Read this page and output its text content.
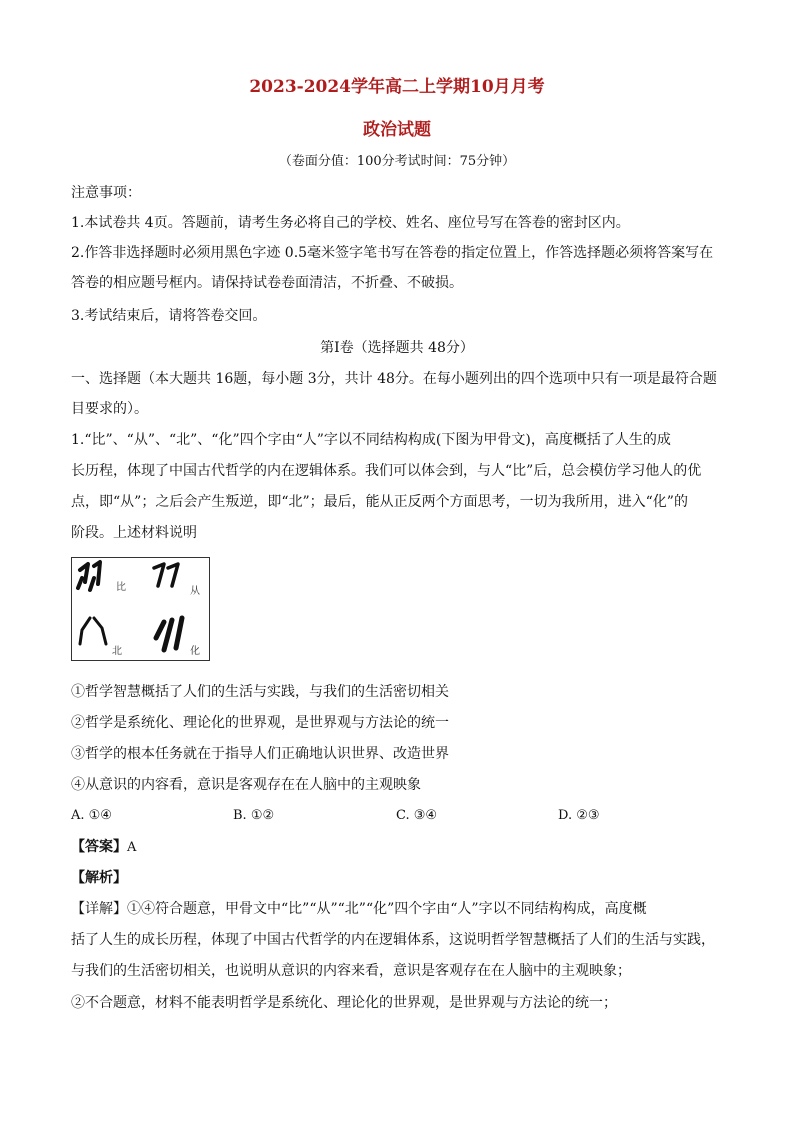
2023-2024学年高二上学期10月月考
政治试题
（卷面分值：100分考试时间：75分钟）
注意事项：
1.本试卷共 4页。答题前，请考生务必将自己的学校、姓名、座位号写在答卷的密封区内。
2.作答非选择题时必须用黑色字迹 0.5毫米签字笔书写在答卷的指定位置上，作答选择题必须将答案写在
答卷的相应题号框内。请保持试卷卷面清洁，不折叠、不破损。
3.考试结束后，请将答卷交回。
第Ⅰ卷（选择题共 48分）
一、选择题（本大题共 16题，每小题 3分，共计 48分。在每小题列出的四个选项中只有一项是最符合题
目要求的）。
1.“比”、“从”、“北”、“化”四个字由“人”字以不同结构构成(下图为甲骨文)，高度概括了人生的成
长历程，体现了中国古代哲学的内在逻辑体系。我们可以体会到，与人“比”后，总会模仿学习他人的优
点，即“从”；之后会产生叛逆，即“北”；最后，能从正反两个方面思考，一切为我所用，进入“化”的
阶段。上述材料说明
比	从
北	化
①哲学智慧概括了人们的生活与实践，与我们的生活密切相关
②哲学是系统化、理论化的世界观，是世界观与方法论的统一
③哲学的根本任务就在于指导人们正确地认识世界、改造世界
④从意识的内容看，意识是客观存在在人脑中的主观映象
A. ①④	B. ①②	C. ③④	D. ②③
【答案】A
【解析】
【详解】①④符合题意，甲骨文中“比”“从”“北”“化”四个字由“人”字以不同结构构成，高度概
括了人生的成长历程，体现了中国古代哲学的内在逻辑体系，这说明哲学智慧概括了人们的生活与实践，
与我们的生活密切相关，也说明从意识的内容来看，意识是客观存在在人脑中的主观映象；
②不合题意，材料不能表明哲学是系统化、理论化的世界观，是世界观与方法论的统一；
